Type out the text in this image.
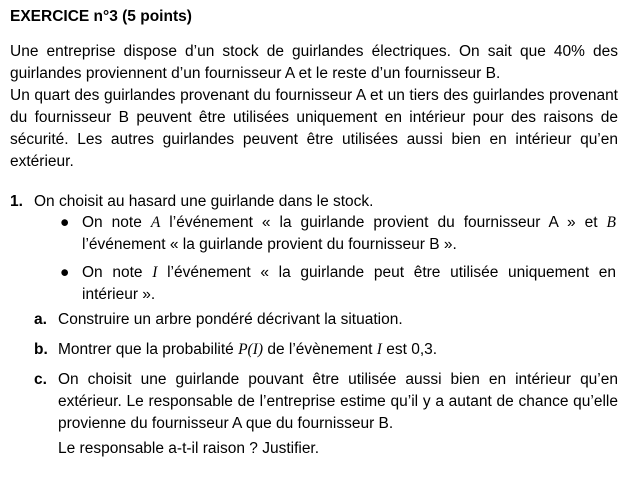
EXERCICE n°3 (5 points)
Une entreprise dispose d’un stock de guirlandes électriques. On sait que 40% des guirlandes proviennent d’un fournisseur A et le reste d’un fournisseur B.
Un quart des guirlandes provenant du fournisseur A et un tiers des guirlandes provenant du fournisseur B peuvent être utilisées uniquement en intérieur pour des raisons de sécurité. Les autres guirlandes peuvent être utilisées aussi bien en intérieur qu’en extérieur.
1. On choisit au hasard une guirlande dans le stock.
● On note A l’événement « la guirlande provient du fournisseur A » et B l’événement « la guirlande provient du fournisseur B ».
● On note I l’événement « la guirlande peut être utilisée uniquement en intérieur ».
a. Construire un arbre pondéré décrivant la situation.
b. Montrer que la probabilité P(I) de l’évènement I est 0,3.
c. On choisit une guirlande pouvant être utilisée aussi bien en intérieur qu’en extérieur. Le responsable de l’entreprise estime qu’il y a autant de chance qu’elle provienne du fournisseur A que du fournisseur B.
Le responsable a-t-il raison ? Justifier.
